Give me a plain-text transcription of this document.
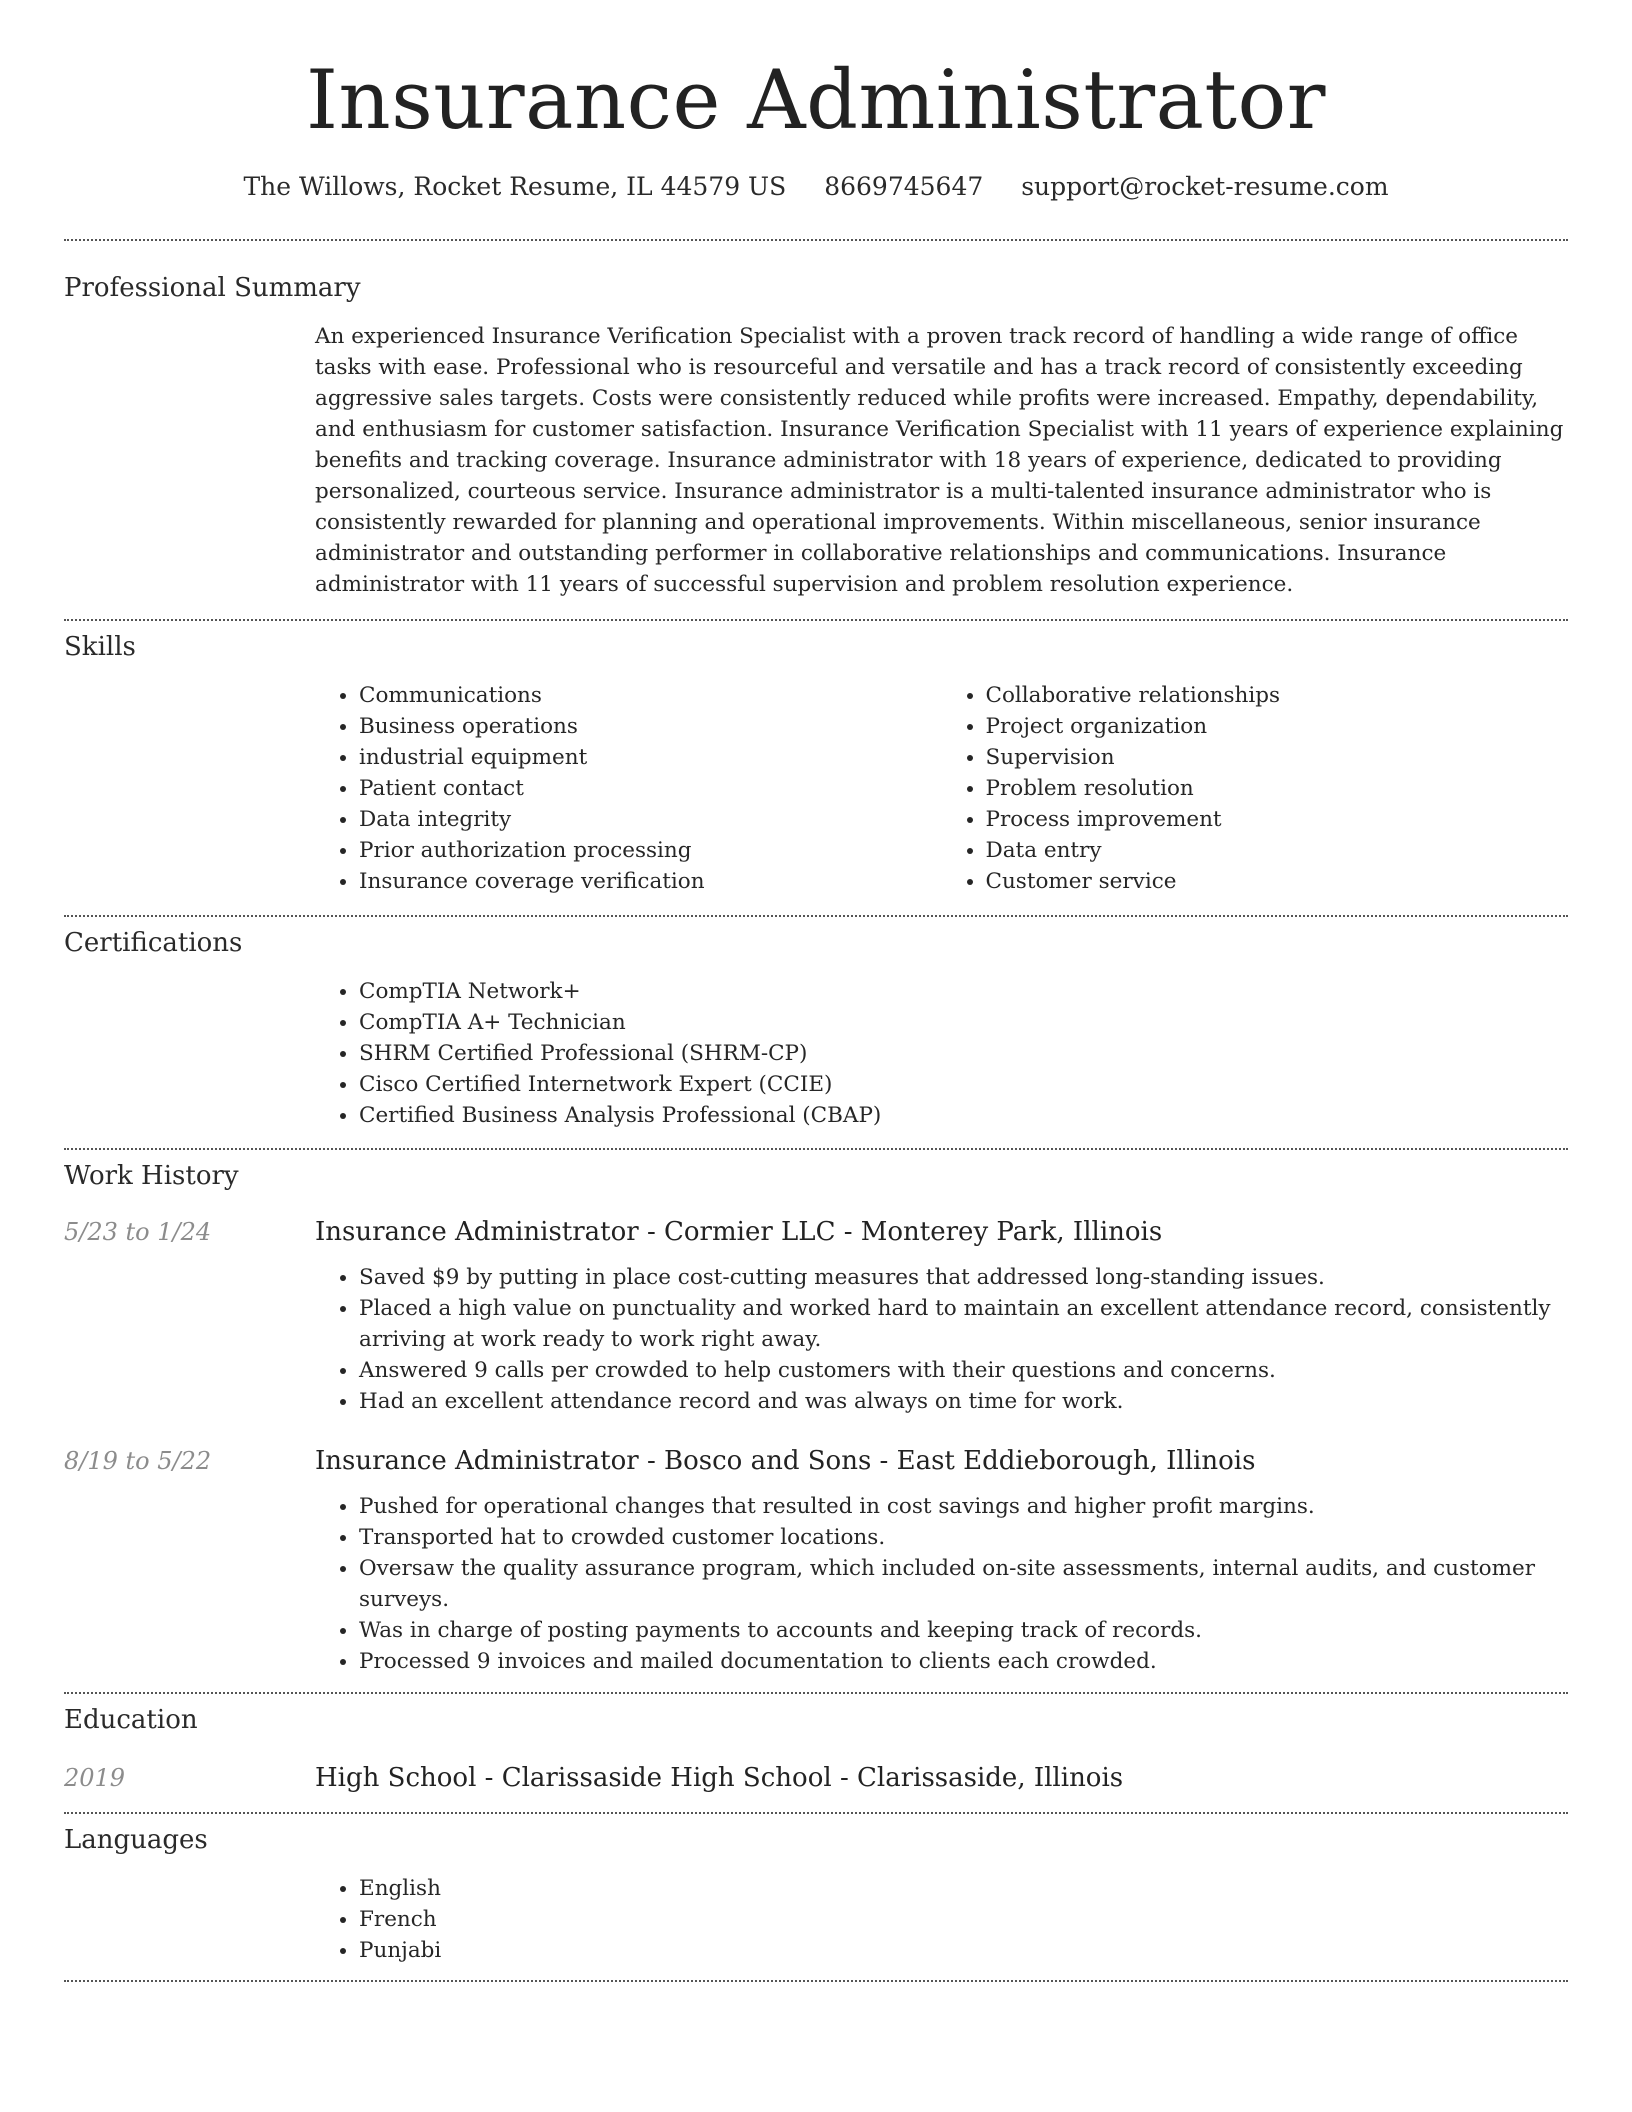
Insurance Administrator
The Willows, Rocket Resume, IL 44579 US 8669745647 support@rocket-resume.com
Professional Summary

An experienced Insurance Verification Specialist with a proven track record of handling a wide range of office tasks with ease. Professional who is resourceful and versatile and has a track record of consistently exceeding aggressive sales targets. Costs were consistently reduced while profits were increased. Empathy, dependability, and enthusiasm for customer satisfaction. Insurance Verification Specialist with 11 years of experience explaining benefits and tracking coverage. Insurance administrator with 18 years of experience, dedicated to providing personalized, courteous service. Insurance administrator is a multi-talented insurance administrator who is consistently rewarded for planning and operational improvements. Within miscellaneous, senior insurance administrator and outstanding performer in collaborative relationships and communications. Insurance administrator with 11 years of successful supervision and problem resolution experience.

Skills
• Communications
• Business operations
• industrial equipment
• Patient contact
• Data integrity
• Prior authorization processing
• Insurance coverage verification
• Collaborative relationships
• Project organization
• Supervision
• Problem resolution
• Process improvement
• Data entry
• Customer service
Certifications
• CompTIA Network+
• CompTIA A+ Technician
• SHRM Certified Professional (SHRM-CP)
• Cisco Certified Internetwork Expert (CCIE)
• Certified Business Analysis Professional (CBAP)
Work History
5/23 to 1/24	Insurance Administrator - Cormier LLC - Monterey Park, Illinois
• Saved $9 by putting in place cost-cutting measures that addressed long-standing issues.
• Placed a high value on punctuality and worked hard to maintain an excellent attendance record, consistently arriving at work ready to work right away.
• Answered 9 calls per crowded to help customers with their questions and concerns.
• Had an excellent attendance record and was always on time for work.
8/19 to 5/22	Insurance Administrator - Bosco and Sons - East Eddieborough, Illinois
• Pushed for operational changes that resulted in cost savings and higher profit margins.
• Transported hat to crowded customer locations.
• Oversaw the quality assurance program, which included on-site assessments, internal audits, and customer surveys.
• Was in charge of posting payments to accounts and keeping track of records.
• Processed 9 invoices and mailed documentation to clients each crowded.
Education
2019	High School - Clarissaside High School - Clarissaside, Illinois
Languages
• English
• French
• Punjabi
